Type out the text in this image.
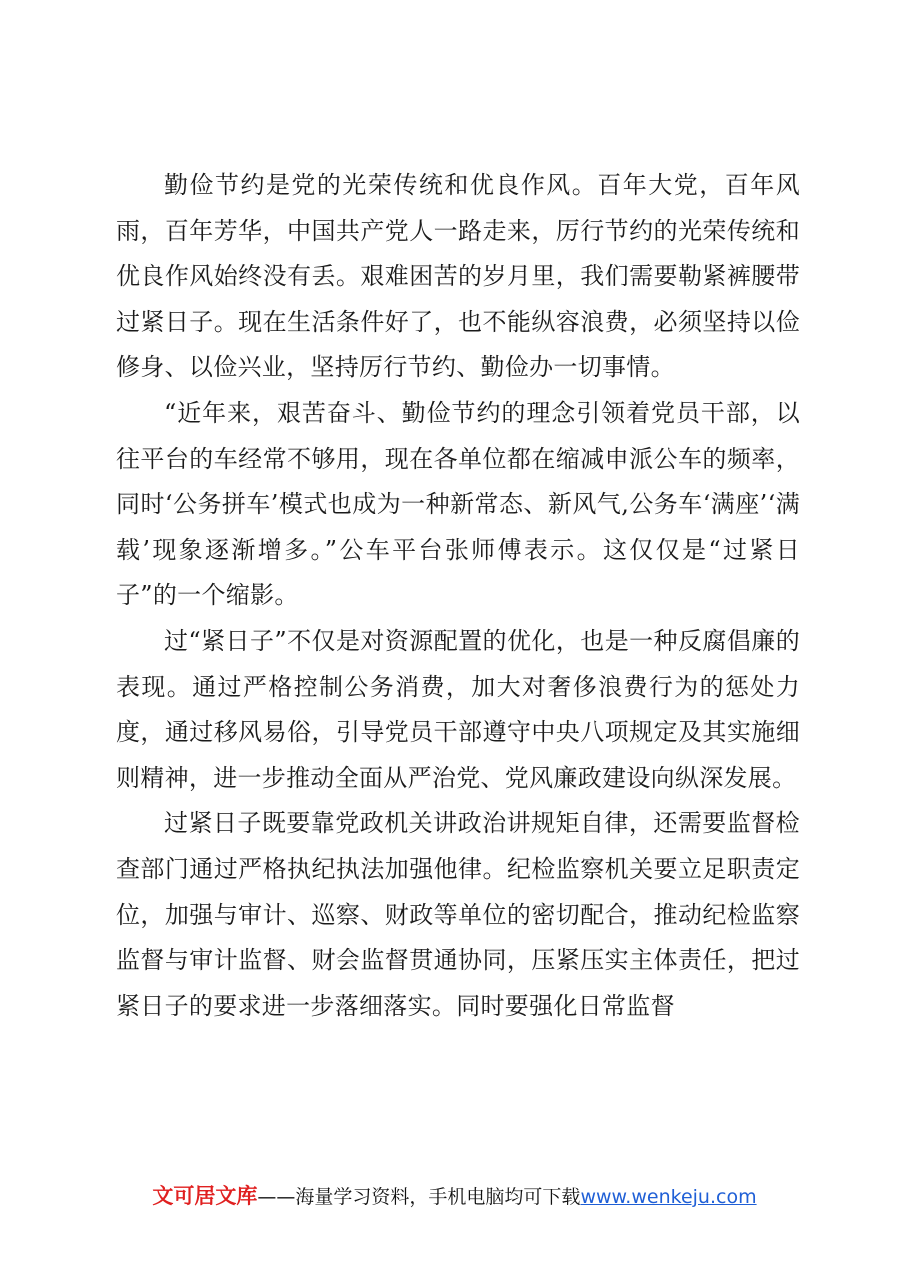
勤俭节约是党的光荣传统和优良作风。百年大党，百年风雨，百年芳华，中国共产党人一路走来，厉行节约的光荣传统和优良作风始终没有丢。艰难困苦的岁月里，我们需要勒紧裤腰带过紧日子。现在生活条件好了，也不能纵容浪费，必须坚持以俭修身、以俭兴业，坚持厉行节约、勤俭办一切事情。

“近年来，艰苦奋斗、勤俭节约的理念引领着党员干部，以往平台的车经常不够用，现在各单位都在缩减申派公车的频率，同时‘公务拼车’模式也成为一种新常态、新风气,公务车‘满座’‘满载’现象逐渐增多。”公车平台张师傅表示。这仅仅是“过紧日子”的一个缩影。

过“紧日子”不仅是对资源配置的优化，也是一种反腐倡廉的表现。通过严格控制公务消费，加大对奢侈浪费行为的惩处力度，通过移风易俗，引导党员干部遵守中央八项规定及其实施细则精神，进一步推动全面从严治党、党风廉政建设向纵深发展。

过紧日子既要靠党政机关讲政治讲规矩自律，还需要监督检查部门通过严格执纪执法加强他律。纪检监察机关要立足职责定位，加强与审计、巡察、财政等单位的密切配合，推动纪检监察监督与审计监督、财会监督贯通协同，压紧压实主体责任，把过紧日子的要求进一步落细落实。同时要强化日常监督

文可居文库——海量学习资料，手机电脑均可下载www.wenkeju.com
